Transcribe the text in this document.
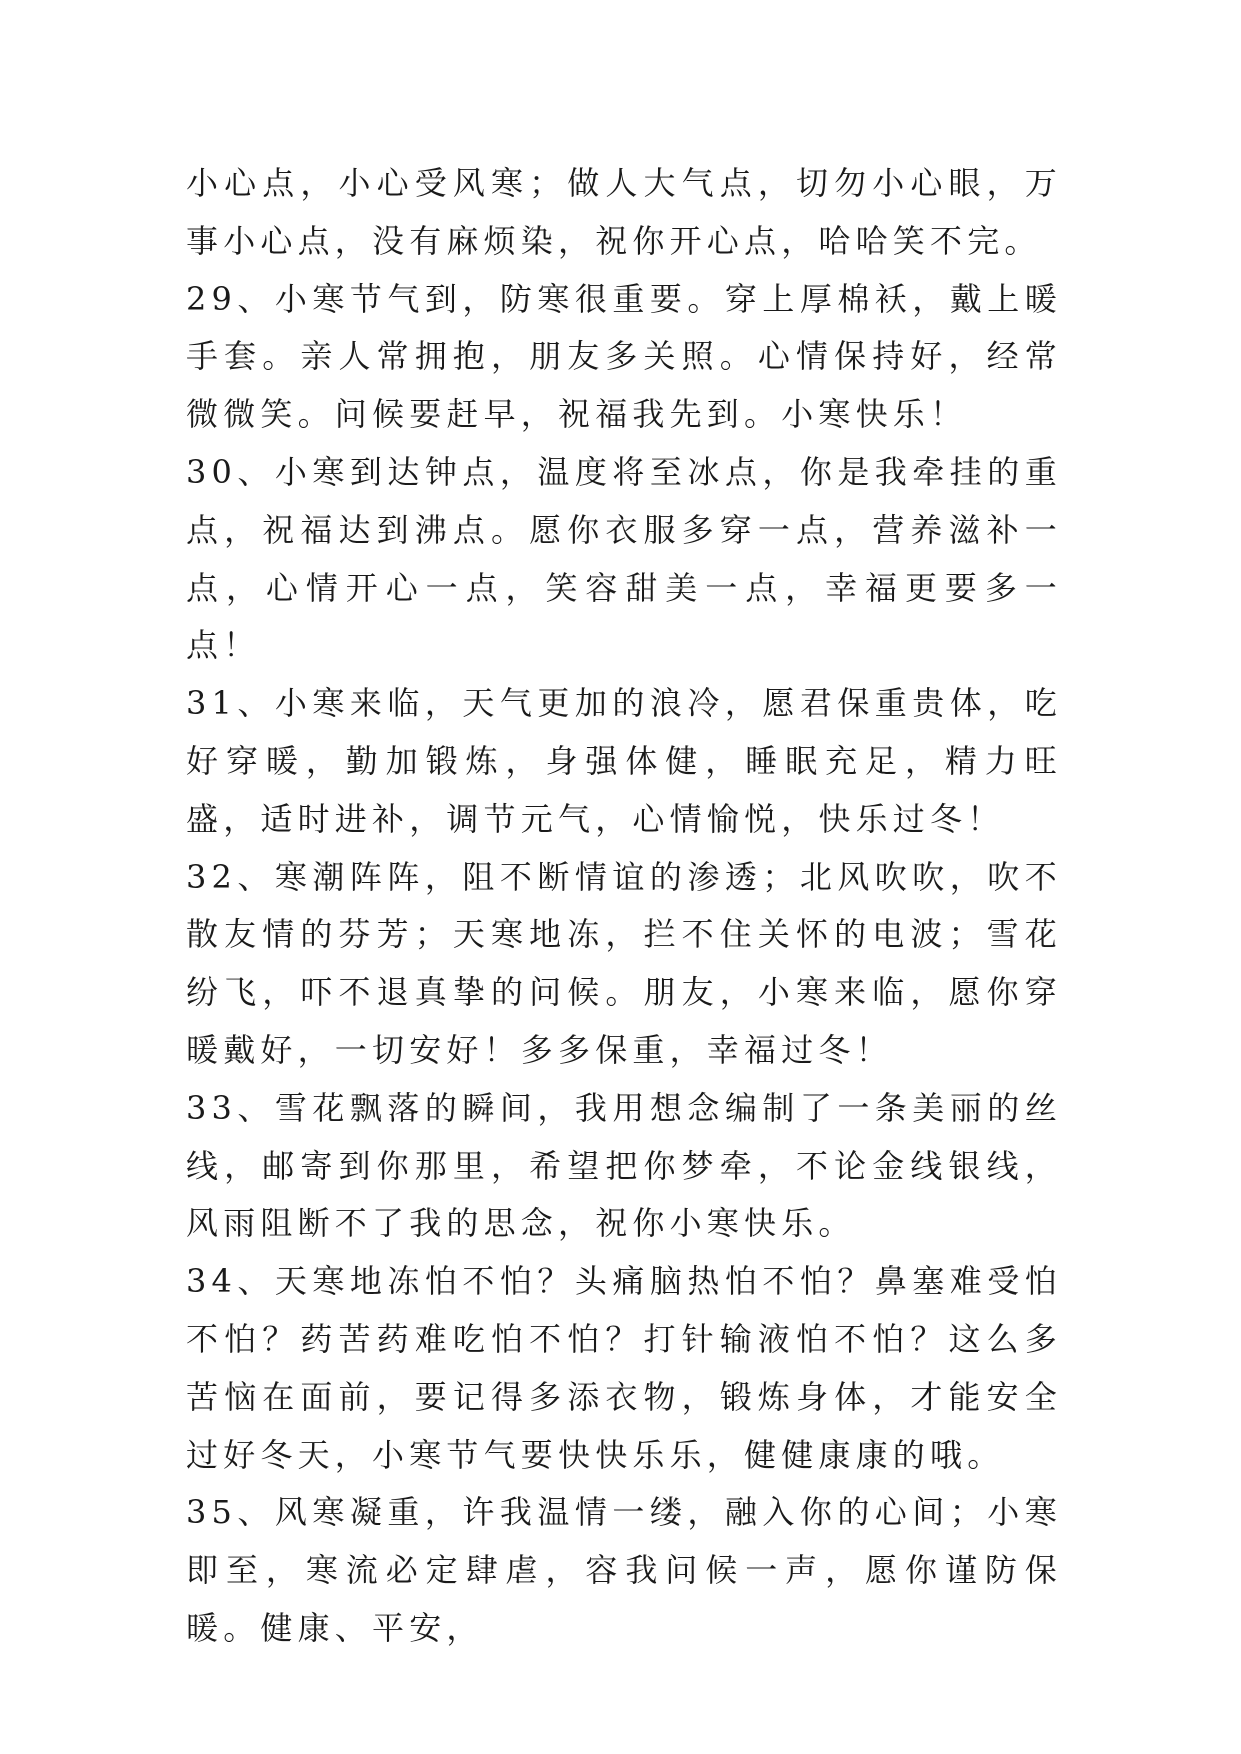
小心点，小心受风寒；做人大气点，切勿小心眼，万事小心点，没有麻烦染，祝你开心点，哈哈笑不完。

29、小寒节气到，防寒很重要。穿上厚棉袄，戴上暖手套。亲人常拥抱，朋友多关照。心情保持好，经常微微笑。问候要赶早，祝福我先到。小寒快乐！

30、小寒到达钟点，温度将至冰点，你是我牵挂的重点，祝福达到沸点。愿你衣服多穿一点，营养滋补一点，心情开心一点，笑容甜美一点，幸福更要多一点！

31、小寒来临，天气更加的浪冷，愿君保重贵体，吃好穿暖，勤加锻炼，身强体健，睡眠充足，精力旺盛，适时进补，调节元气，心情愉悦，快乐过冬！

32、寒潮阵阵，阻不断情谊的渗透；北风吹吹，吹不散友情的芬芳；天寒地冻，拦不住关怀的电波；雪花纷飞，吓不退真挚的问候。朋友，小寒来临，愿你穿暖戴好，一切安好！多多保重，幸福过冬！

33、雪花飘落的瞬间，我用想念编制了一条美丽的丝线，邮寄到你那里，希望把你梦牵，不论金线银线，风雨阻断不了我的思念，祝你小寒快乐。

34、天寒地冻怕不怕？头痛脑热怕不怕？鼻塞难受怕不怕？药苦药难吃怕不怕？打针输液怕不怕？这么多苦恼在面前，要记得多添衣物，锻炼身体，才能安全过好冬天，小寒节气要快快乐乐，健健康康的哦。

35、风寒凝重，许我温情一缕，融入你的心间；小寒即至，寒流必定肆虐，容我问候一声，愿你谨防保暖。健康、平安，
